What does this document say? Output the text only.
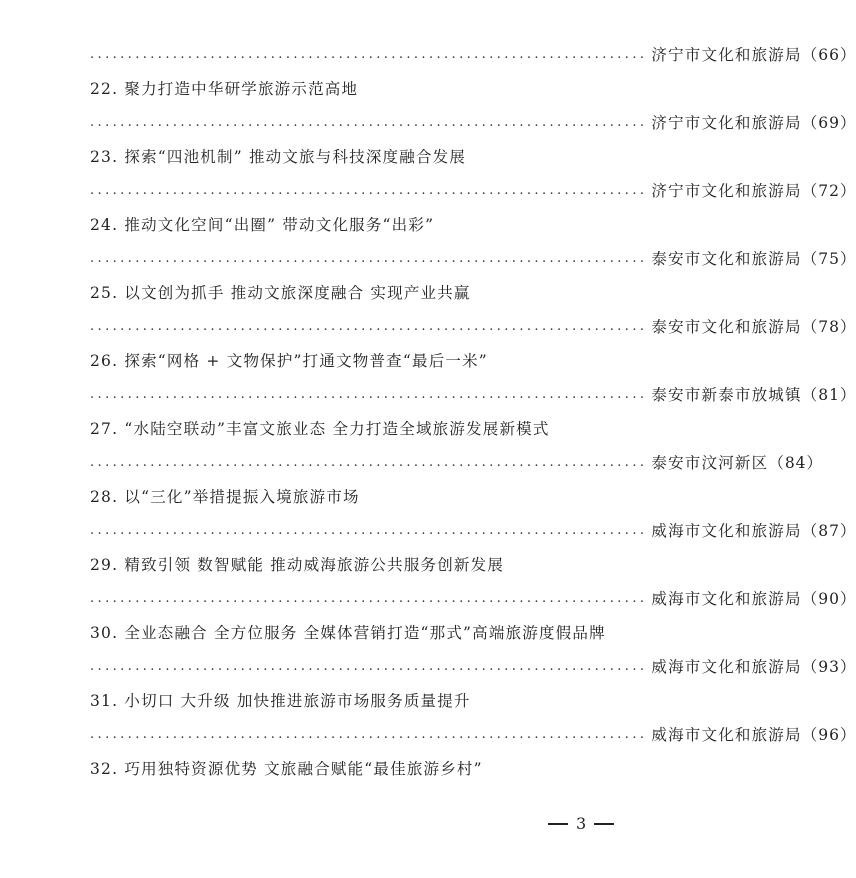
.......................................................................... 济宁市文化和旅游局 （66）
22. 聚力打造中华研学旅游示范高地
.......................................................................... 济宁市文化和旅游局 （69）
23. 探索“四池机制” 推动文旅与科技深度融合发展
.......................................................................... 济宁市文化和旅游局 （72）
24. 推动文化空间“出圈” 带动文化服务“出彩”
.......................................................................... 泰安市文化和旅游局 （75）
25. 以文创为抓手 推动文旅深度融合 实现产业共赢
.......................................................................... 泰安市文化和旅游局 （78）
26. 探索“网格 + 文物保护”打通文物普查“最后一米”
.......................................................................... 泰安市新泰市放城镇 （81）
27. “水陆空联动”丰富文旅业态 全力打造全域旅游发展新模式
.......................................................................... 泰安市汶河新区 （84）
28. 以“三化”举措提振入境旅游市场
.......................................................................... 威海市文化和旅游局 （87）
29. 精致引领 数智赋能 推动威海旅游公共服务创新发展
.......................................................................... 威海市文化和旅游局 （90）
30. 全业态融合 全方位服务 全媒体营销打造“那式”高端旅游度假品牌
.......................................................................... 威海市文化和旅游局 （93）
31. 小切口 大升级 加快推进旅游市场服务质量提升
.......................................................................... 威海市文化和旅游局 （96）
32. 巧用独特资源优势 文旅融合赋能“最佳旅游乡村”
3
